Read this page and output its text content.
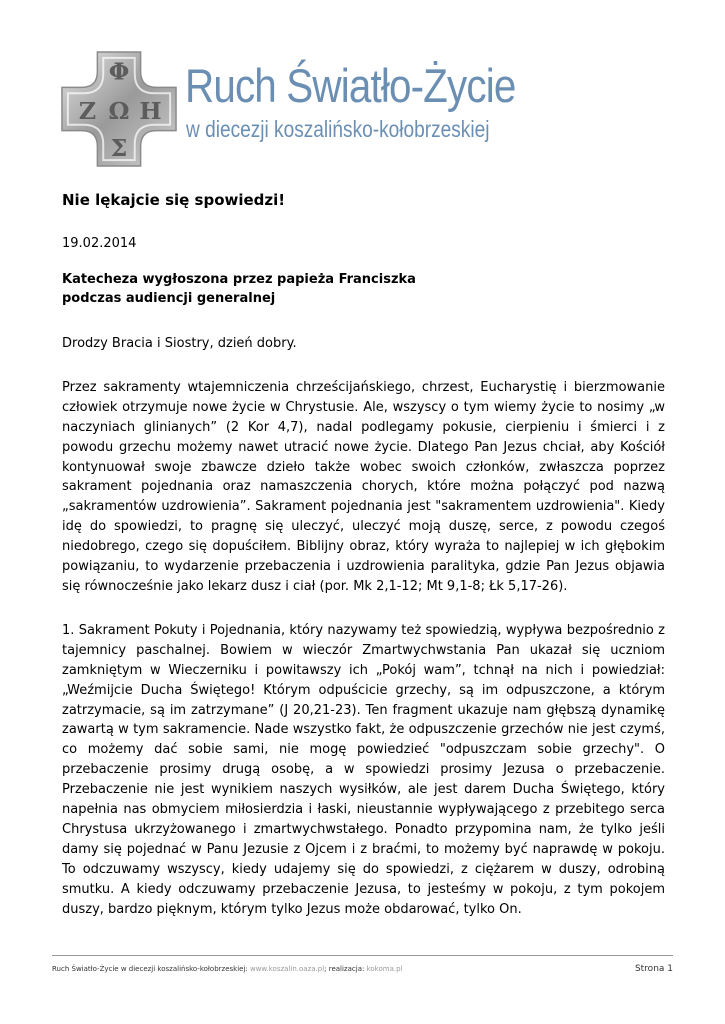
Φ
Ζ Ω Η
Σ
Ruch Światło-Życie
w diecezji koszalińsko-kołobrzeskiej
Nie lękajcie się spowiedzi!
19.02.2014
Katecheza wygłoszona przez papieża Franciszka
podczas audiencji generalnej

Drodzy Bracia i Siostry, dzień dobry.

Przez sakramenty wtajemniczenia chrześcijańskiego, chrzest, Eucharystię i bierzmowanie człowiek otrzymuje nowe życie w Chrystusie. Ale, wszyscy o tym wiemy życie to nosimy „w naczyniach glinianych” (2 Kor 4,7), nadal podlegamy pokusie, cierpieniu i śmierci i z powodu grzechu możemy nawet utracić nowe życie. Dlatego Pan Jezus chciał, aby Kościół kontynuował swoje zbawcze dzieło także wobec swoich członków, zwłaszcza poprzez sakrament pojednania oraz namaszczenia chorych, które można połączyć pod nazwą „sakramentów uzdrowienia”. Sakrament pojednania jest "sakramentem uzdrowienia". Kiedy idę do spowiedzi, to pragnę się uleczyć, uleczyć moją duszę, serce, z powodu czegoś niedobrego, czego się dopuściłem. Biblijny obraz, który wyraża to najlepiej w ich głębokim powiązaniu, to wydarzenie przebaczenia i uzdrowienia paralityka, gdzie Pan Jezus objawia się równocześnie jako lekarz dusz i ciał (por. Mk 2,1-12; Mt 9,1-8; Łk 5,17-26).

1. Sakrament Pokuty i Pojednania, który nazywamy też spowiedzią, wypływa bezpośrednio z tajemnicy paschalnej. Bowiem w wieczór Zmartwychwstania Pan ukazał się uczniom zamkniętym w Wieczerniku i powitawszy ich „Pokój wam”, tchnął na nich i powiedział: „Weźmijcie Ducha Świętego! Którym odpuścicie grzechy, są im odpuszczone, a którym zatrzymacie, są im zatrzymane” (J 20,21-23). Ten fragment ukazuje nam głębszą dynamikę zawartą w tym sakramencie. Nade wszystko fakt, że odpuszczenie grzechów nie jest czymś, co możemy dać sobie sami, nie mogę powiedzieć "odpuszczam sobie grzechy". O przebaczenie prosimy drugą osobę, a w spowiedzi prosimy Jezusa o przebaczenie. Przebaczenie nie jest wynikiem naszych wysiłków, ale jest darem Ducha Świętego, który napełnia nas obmyciem miłosierdzia i łaski, nieustannie wypływającego z przebitego serca Chrystusa ukrzyżowanego i zmartwychwstałego. Ponadto przypomina nam, że tylko jeśli damy się pojednać w Panu Jezusie z Ojcem i z braćmi, to możemy być naprawdę w pokoju. To odczuwamy wszyscy, kiedy udajemy się do spowiedzi, z ciężarem w duszy, odrobiną smutku. A kiedy odczuwamy przebaczenie Jezusa, to jesteśmy w pokoju, z tym pokojem duszy, bardzo pięknym, którym tylko Jezus może obdarować, tylko On.

Ruch Światło-Życie w diecezji koszalińsko-kołobrzeskiej: www.koszalin.oaza.pl; realizacja: kokoma.pl	Strona 1
